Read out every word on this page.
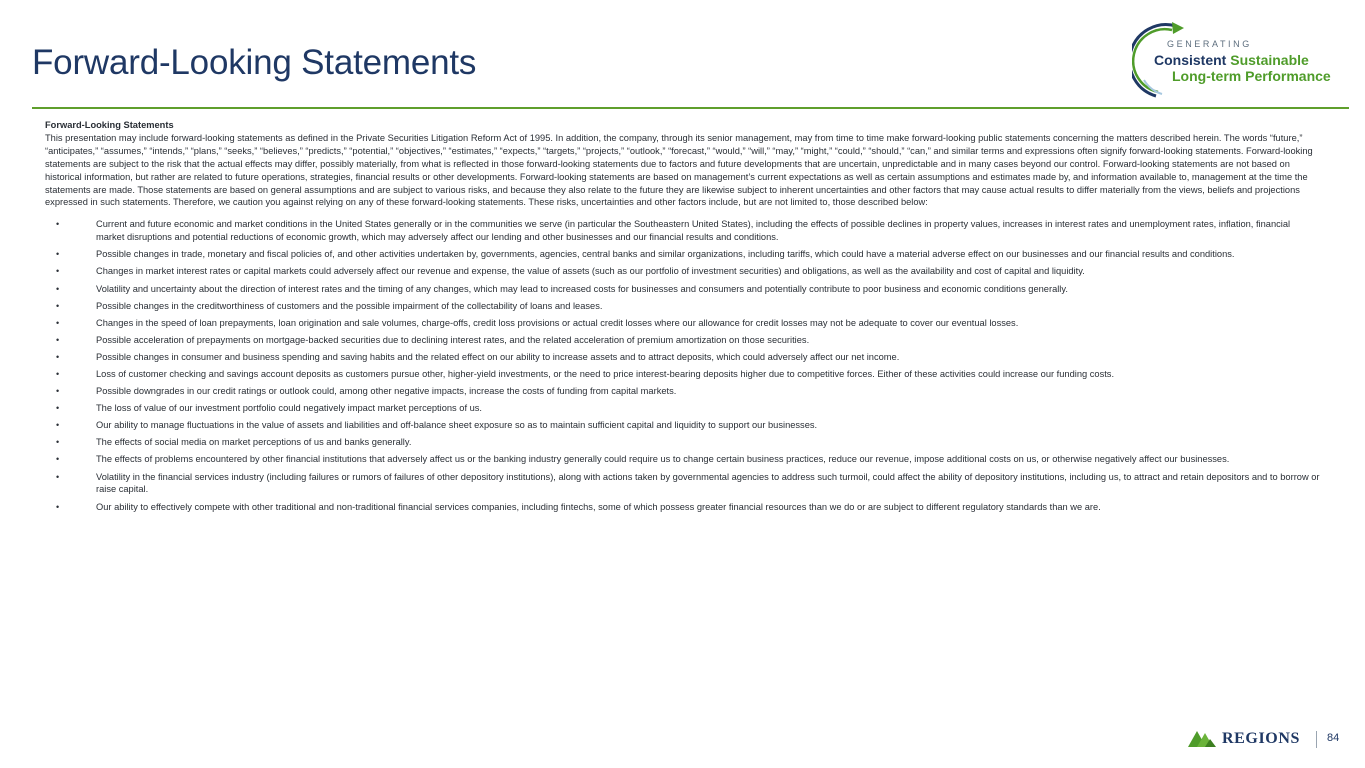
Forward-Looking Statements	GENERATING
Consistent Sustainable
Long-term Performance

Forward-Looking Statements

This presentation may include forward-looking statements as defined in the Private Securities Litigation Reform Act of 1995. In addition, the company, through its senior management, may from time to time make forward-looking public statements concerning the matters described herein. The words “future,” “anticipates,” “assumes,” “intends,” “plans,” “seeks,” “believes,” “predicts,” “potential,” “objectives,” “estimates,” “expects,” “targets,” “projects,” “outlook,” “forecast,” “would,” “will,” “may,” “might,” “could,” “should,” “can,” and similar terms and expressions often signify forward-looking statements. Forward-looking statements are subject to the risk that the actual effects may differ, possibly materially, from what is reflected in those forward-looking statements due to factors and future developments that are uncertain, unpredictable and in many cases beyond our control. Forward-looking statements are not based on historical information, but rather are related to future operations, strategies, financial results or other developments. Forward-looking statements are based on management’s current expectations as well as certain assumptions and estimates made by, and information available to, management at the time the statements are made. Those statements are based on general assumptions and are subject to various risks, and because they also relate to the future they are likewise subject to inherent uncertainties and other factors that may cause actual results to differ materially from the views, beliefs and projections expressed in such statements. Therefore, we caution you against relying on any of these forward-looking statements. These risks, uncertainties and other factors include, but are not limited to, those described below:

•	Current and future economic and market conditions in the United States generally or in the communities we serve (in particular the Southeastern United States), including the effects of possible declines in property values, increases in interest rates and unemployment rates, inflation, financial market disruptions and potential reductions of economic growth, which may adversely affect our lending and other businesses and our financial results and conditions.
•	Possible changes in trade, monetary and fiscal policies of, and other activities undertaken by, governments, agencies, central banks and similar organizations, including tariffs, which could have a material adverse effect on our businesses and our financial results and conditions.
•	Changes in market interest rates or capital markets could adversely affect our revenue and expense, the value of assets (such as our portfolio of investment securities) and obligations, as well as the availability and cost of capital and liquidity.
•	Volatility and uncertainty about the direction of interest rates and the timing of any changes, which may lead to increased costs for businesses and consumers and potentially contribute to poor business and economic conditions generally.
•	Possible changes in the creditworthiness of customers and the possible impairment of the collectability of loans and leases.
•	Changes in the speed of loan prepayments, loan origination and sale volumes, charge-offs, credit loss provisions or actual credit losses where our allowance for credit losses may not be adequate to cover our eventual losses.
•	Possible acceleration of prepayments on mortgage-backed securities due to declining interest rates, and the related acceleration of premium amortization on those securities.
•	Possible changes in consumer and business spending and saving habits and the related effect on our ability to increase assets and to attract deposits, which could adversely affect our net income.
•	Loss of customer checking and savings account deposits as customers pursue other, higher-yield investments, or the need to price interest-bearing deposits higher due to competitive forces. Either of these activities could increase our funding costs.
•	Possible downgrades in our credit ratings or outlook could, among other negative impacts, increase the costs of funding from capital markets.
•	The loss of value of our investment portfolio could negatively impact market perceptions of us.
•	Our ability to manage fluctuations in the value of assets and liabilities and off-balance sheet exposure so as to maintain sufficient capital and liquidity to support our businesses.
•	The effects of social media on market perceptions of us and banks generally.
•	The effects of problems encountered by other financial institutions that adversely affect us or the banking industry generally could require us to change certain business practices, reduce our revenue, impose additional costs on us, or otherwise negatively affect our businesses.
•	Volatility in the financial services industry (including failures or rumors of failures of other depository institutions), along with actions taken by governmental agencies to address such turmoil, could affect the ability of depository institutions, including us, to attract and retain depositors and to borrow or raise capital.
•	Our ability to effectively compete with other traditional and non-traditional financial services companies, including fintechs, some of which possess greater financial resources than we do or are subject to different regulatory standards than we are.
REGIONS 84
